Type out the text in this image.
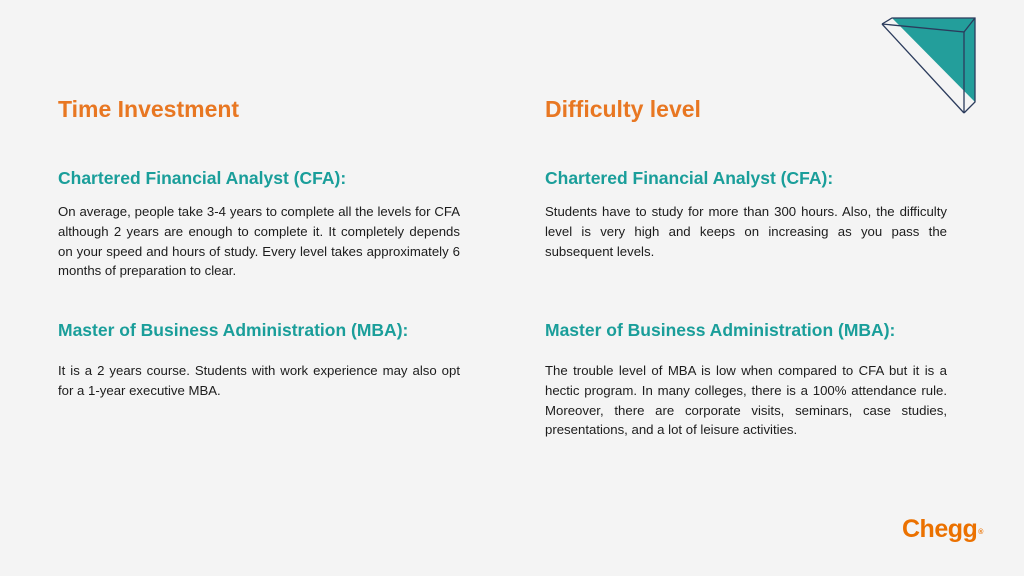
Time Investment
Chartered Financial Analyst (CFA):

On average, people take 3-4 years to complete all the levels for CFA although 2 years are enough to complete it. It completely depends on your speed and hours of study. Every level takes approximately 6 months of preparation to clear.

Master of Business Administration (MBA):

It is a 2 years course. Students with work experience may also opt for a 1-year executive MBA.

Difficulty level
Chartered Financial Analyst (CFA):

Students have to study for more than 300 hours. Also, the difficulty level is very high and keeps on increasing as you pass the subsequent levels.

Master of Business Administration (MBA):

The trouble level of MBA is low when compared to CFA but it is a hectic program. In many colleges, there is a 100% attendance rule. Moreover, there are corporate visits, seminars, case studies, presentations, and a lot of leisure activities.

Chegg®
